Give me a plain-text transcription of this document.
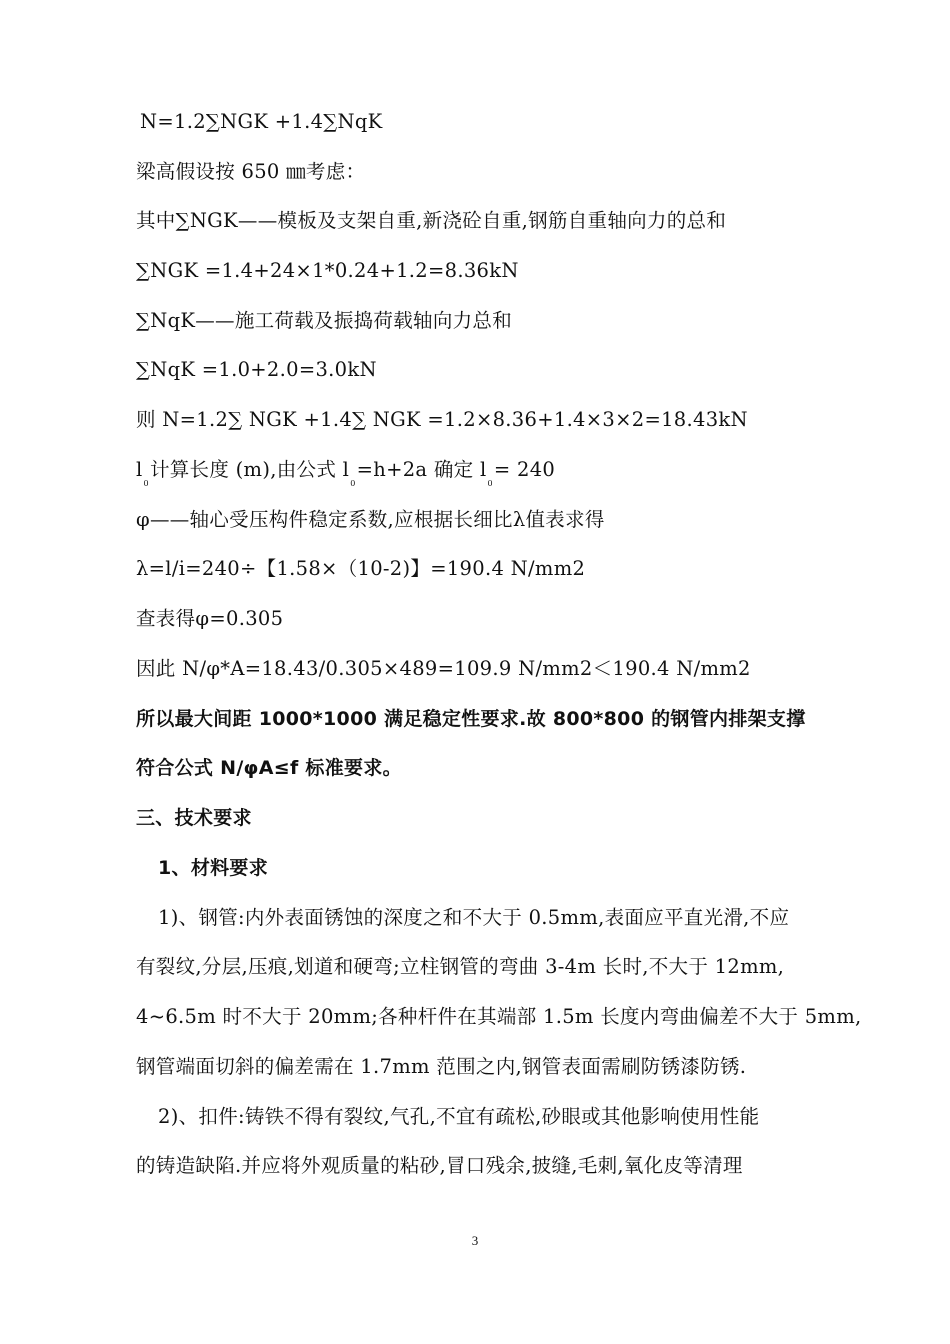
N=1.2∑NGK +1.4∑NqK
梁高假设按 650 ㎜考虑：
其中∑NGK——模板及支架自重,新浇砼自重,钢筋自重轴向力的总和
∑NGK =1.4+24×1*0.24+1.2=8.36kN
∑NqK——施工荷载及振捣荷载轴向力总和
∑NqK =1.0+2.0=3.0kN
则 N=1.2∑ NGK +1.4∑ NGK =1.2×8.36+1.4×3×2=18.43kN
$l_0$计算长度 (m),由公式 $l_0=h+2a$ 确定 $l_0= 240$
φ——轴心受压构件稳定系数,应根据长细比λ值表求得
λ=l/i=240÷【1.58×（10-2)】=190.4 N/mm2
查表得φ=0.305
因此 N/φ*A=18.43/0.305×489=109.9 N/mm2＜190.4 N/mm2
所以最大间距 1000*1000 满足稳定性要求.故 800*800 的钢管内排架支撑
符合公式 N/φA≤f 标准要求。
三、技术要求
1、材料要求
1)、钢管:内外表面锈蚀的深度之和不大于 0.5mm,表面应平直光滑,不应
有裂纹,分层,压痕,划道和硬弯;立柱钢管的弯曲 3-4m 长时,不大于 12mm,
4~6.5m 时不大于 20mm;各种杆件在其端部 1.5m 长度内弯曲偏差不大于 5mm,
钢管端面切斜的偏差需在 1.7mm 范围之内,钢管表面需刷防锈漆防锈.
2)、扣件:铸铁不得有裂纹,气孔,不宜有疏松,砂眼或其他影响使用性能
的铸造缺陷.并应将外观质量的粘砂,冒口残余,披缝,毛刺,氧化皮等清理
3
